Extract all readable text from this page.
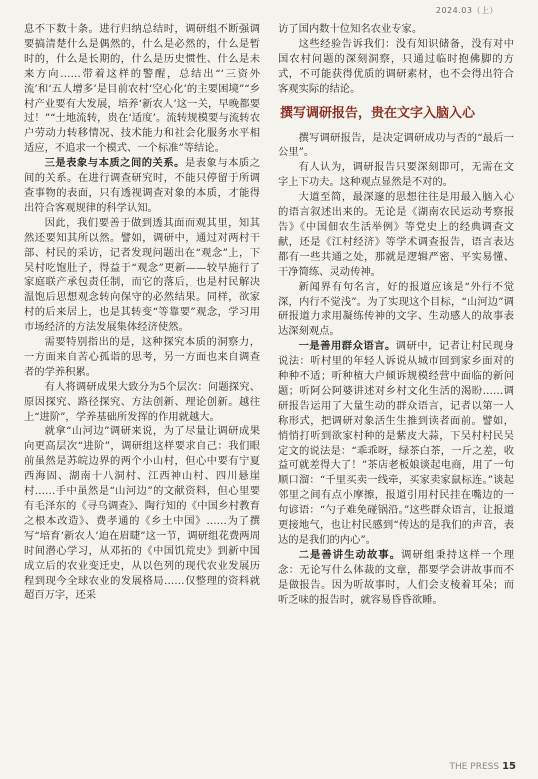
2024.03（上）

息不下数十条。进行归纳总结时，调研组不断强调要搞清楚什么是偶然的，什么是必然的，什么是暂时的，什么是长期的，什么是历史惯性、什么是未来方向……带着这样的警醒，总结出“‘三资外流’和‘五人增多’是目前农村‘空心化’的主要困境”“乡村产业要有大发展，培养‘新农人’这一关，早晚都要过！”“土地流转，贵在‘适度’。流转规模要与流转农户劳动力转移情况、技术能力和社会化服务水平相适应，不追求一个模式、一个标准”等结论。

三是表象与本质之间的关系。是表象与本质之间的关系。在进行调查研究时，不能只停留于所调查事物的表面，只有透视调查对象的本质，才能得出符合客观规律的科学认知。

因此，我们要善于做到透其面而观其里，知其然还要知其所以然。譬如，调研中，通过对两村干部、村民的采访，记者发现问题出在“观念”上，下吴村吃饱肚子，得益于“观念”更新——较早施行了家庭联产承包责任制，而它的落后，也是村民解决温饱后思想观念转向保守的必然结果。同样，欲家村的后来居上，也是其转变“等靠要”观念，学习用市场经济的方法发展集体经济使然。

需要特别指出的是，这种探究本质的洞察力，一方面来自苦心孤诣的思考，另一方面也来自调查者的学养积累。

有人将调研成果大致分为5个层次：问题探究、原因探究、路径探究、方法创新、理论创新。越往上“进阶”，学养基础所发挥的作用就越大。

就拿“山河边”调研来说，为了尽量让调研成果向更高层次“进阶”，调研组这样要求自己：我们眼前虽然是苏皖边界的两个小山村，但心中要有宁夏西海固、湖南十八洞村、江西神山村、四川悬崖村……手中虽然是“山河边”的文献资料，但心里要有毛泽东的《寻乌调查》、陶行知的《中国乡村教育之根本改造》、费孝通的《乡土中国》……为了撰写“培育‘新农人’迫在眉睫”这一节，调研组花费两周时间潜心学习，从邓拓的《中国饥荒史》到新中国成立后的农业变迁史，从以色列的现代农业发展历程到现今全球农业的发展格局……仅整理的资料就超百万字，还采

访了国内数十位知名农业专家。

这些经验告诉我们：没有知识储备，没有对中国农村问题的深刻洞察，只通过临时抱佛脚的方式，不可能获得优质的调研素材，也不会得出符合客观实际的结论。

撰写调研报告，贵在文字入脑入心

撰写调研报告，是决定调研成功与否的“最后一公里”。

有人认为，调研报告只要深刻即可，无需在文字上下功夫。这种观点显然是不对的。

大道至简，最深邃的思想往往是用最入脑入心的语言叙述出来的。无论是《湖南农民运动考察报告》《中国佃农生活举例》等党史上的经典调查文献，还是《江村经济》等学术调查报告，语言表达都有一些共通之处，那就是逻辑严密、平实易懂、干净简练、灵动传神。

新闻界有句名言，好的报道应该是“外行不觉深，内行不觉浅”。为了实现这个目标，“山河边”调研报道力求用凝练传神的文字、生动感人的故事表达深刻观点。

一是善用群众语言。调研中，记者让村民现身说法：听村里的年轻人诉说从城市回到家乡面对的种种不适；听种植大户倾诉规模经营中面临的新问题；听阿公阿婆讲述对乡村文化生活的渴盼……调研报告运用了大量生动的群众语言，记者以第一人称形式，把调研对象活生生推到读者面前。譬如，悄悄打听到欲家村种的是紫皮大蒜，下吴村村民吴定文的说法是：“乖乖呀，绿茶白茶，一斤之差，收益可就差得大了！”茶店老板娘谈起电商，用了一句顺口溜：“千里买卖一线牵，买家卖家鼠标连。”谈起邻里之间有点小摩擦，报道引用村民挂在嘴边的一句谚语：“勺子难免碰锅沿。”这些群众语言，让报道更接地气，也让村民感到“传达的是我们的声音，表达的是我们的内心”。

二是善讲生动故事。调研组秉持这样一个理念：无论写什么体裁的文章，都要学会讲故事而不是做报告。因为听故事时，人们会支棱着耳朵；而听乏味的报告时，就容易昏昏欲睡。

THE PRESS 15
